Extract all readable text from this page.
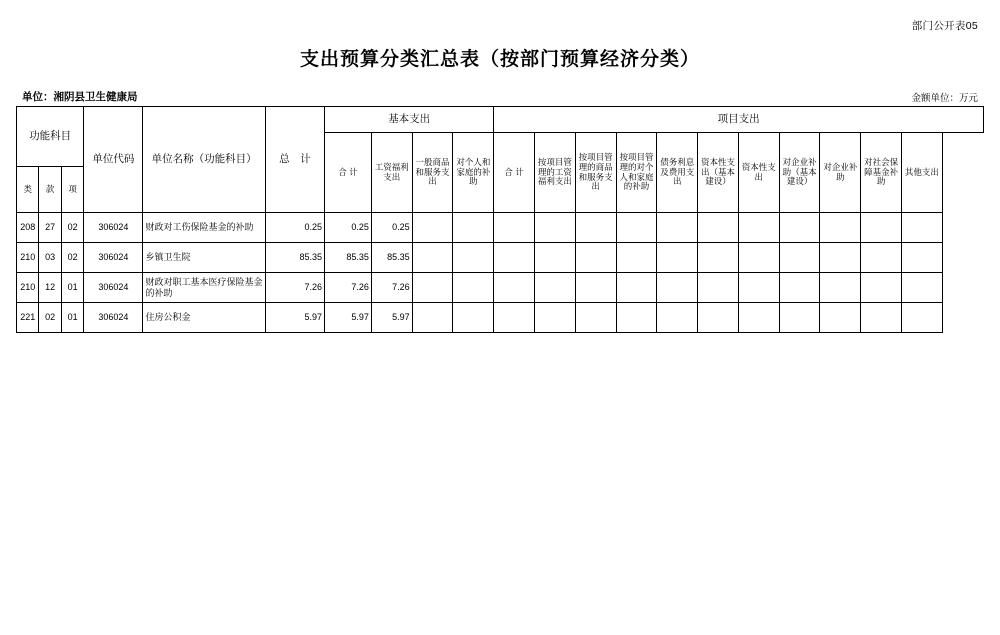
部门公开表05
支出预算分类汇总表（按部门预算经济分类）
单位：湘阴县卫生健康局	金额单位：万元
功能科目			单位代码	单位名称（功能科目）	总　计	基本支出				项目支出										
						合 计	工资福利支出	一般商品和服务支出	对个人和家庭的补助	合 计	按项目管理的工资福利支出	按项目管理的商品和服务支出	按项目管理的对个人和家庭的补助	债务利息及费用支出	资本性支出（基本建设）	资本性支出	对企业补助（基本建设）	对企业补助	对社会保障基金补助	其他支出
类	款	项																		
208	27	02	306024	财政对工伤保险基金的补助	0.25	0.25	0.25													
210	03	02	306024	乡镇卫生院	85.35	85.35	85.35													
210	12	01	306024	财政对职工基本医疗保险基金的补助	7.26	7.26	7.26													
221	02	01	306024	住房公积金	5.97	5.97	5.97													
